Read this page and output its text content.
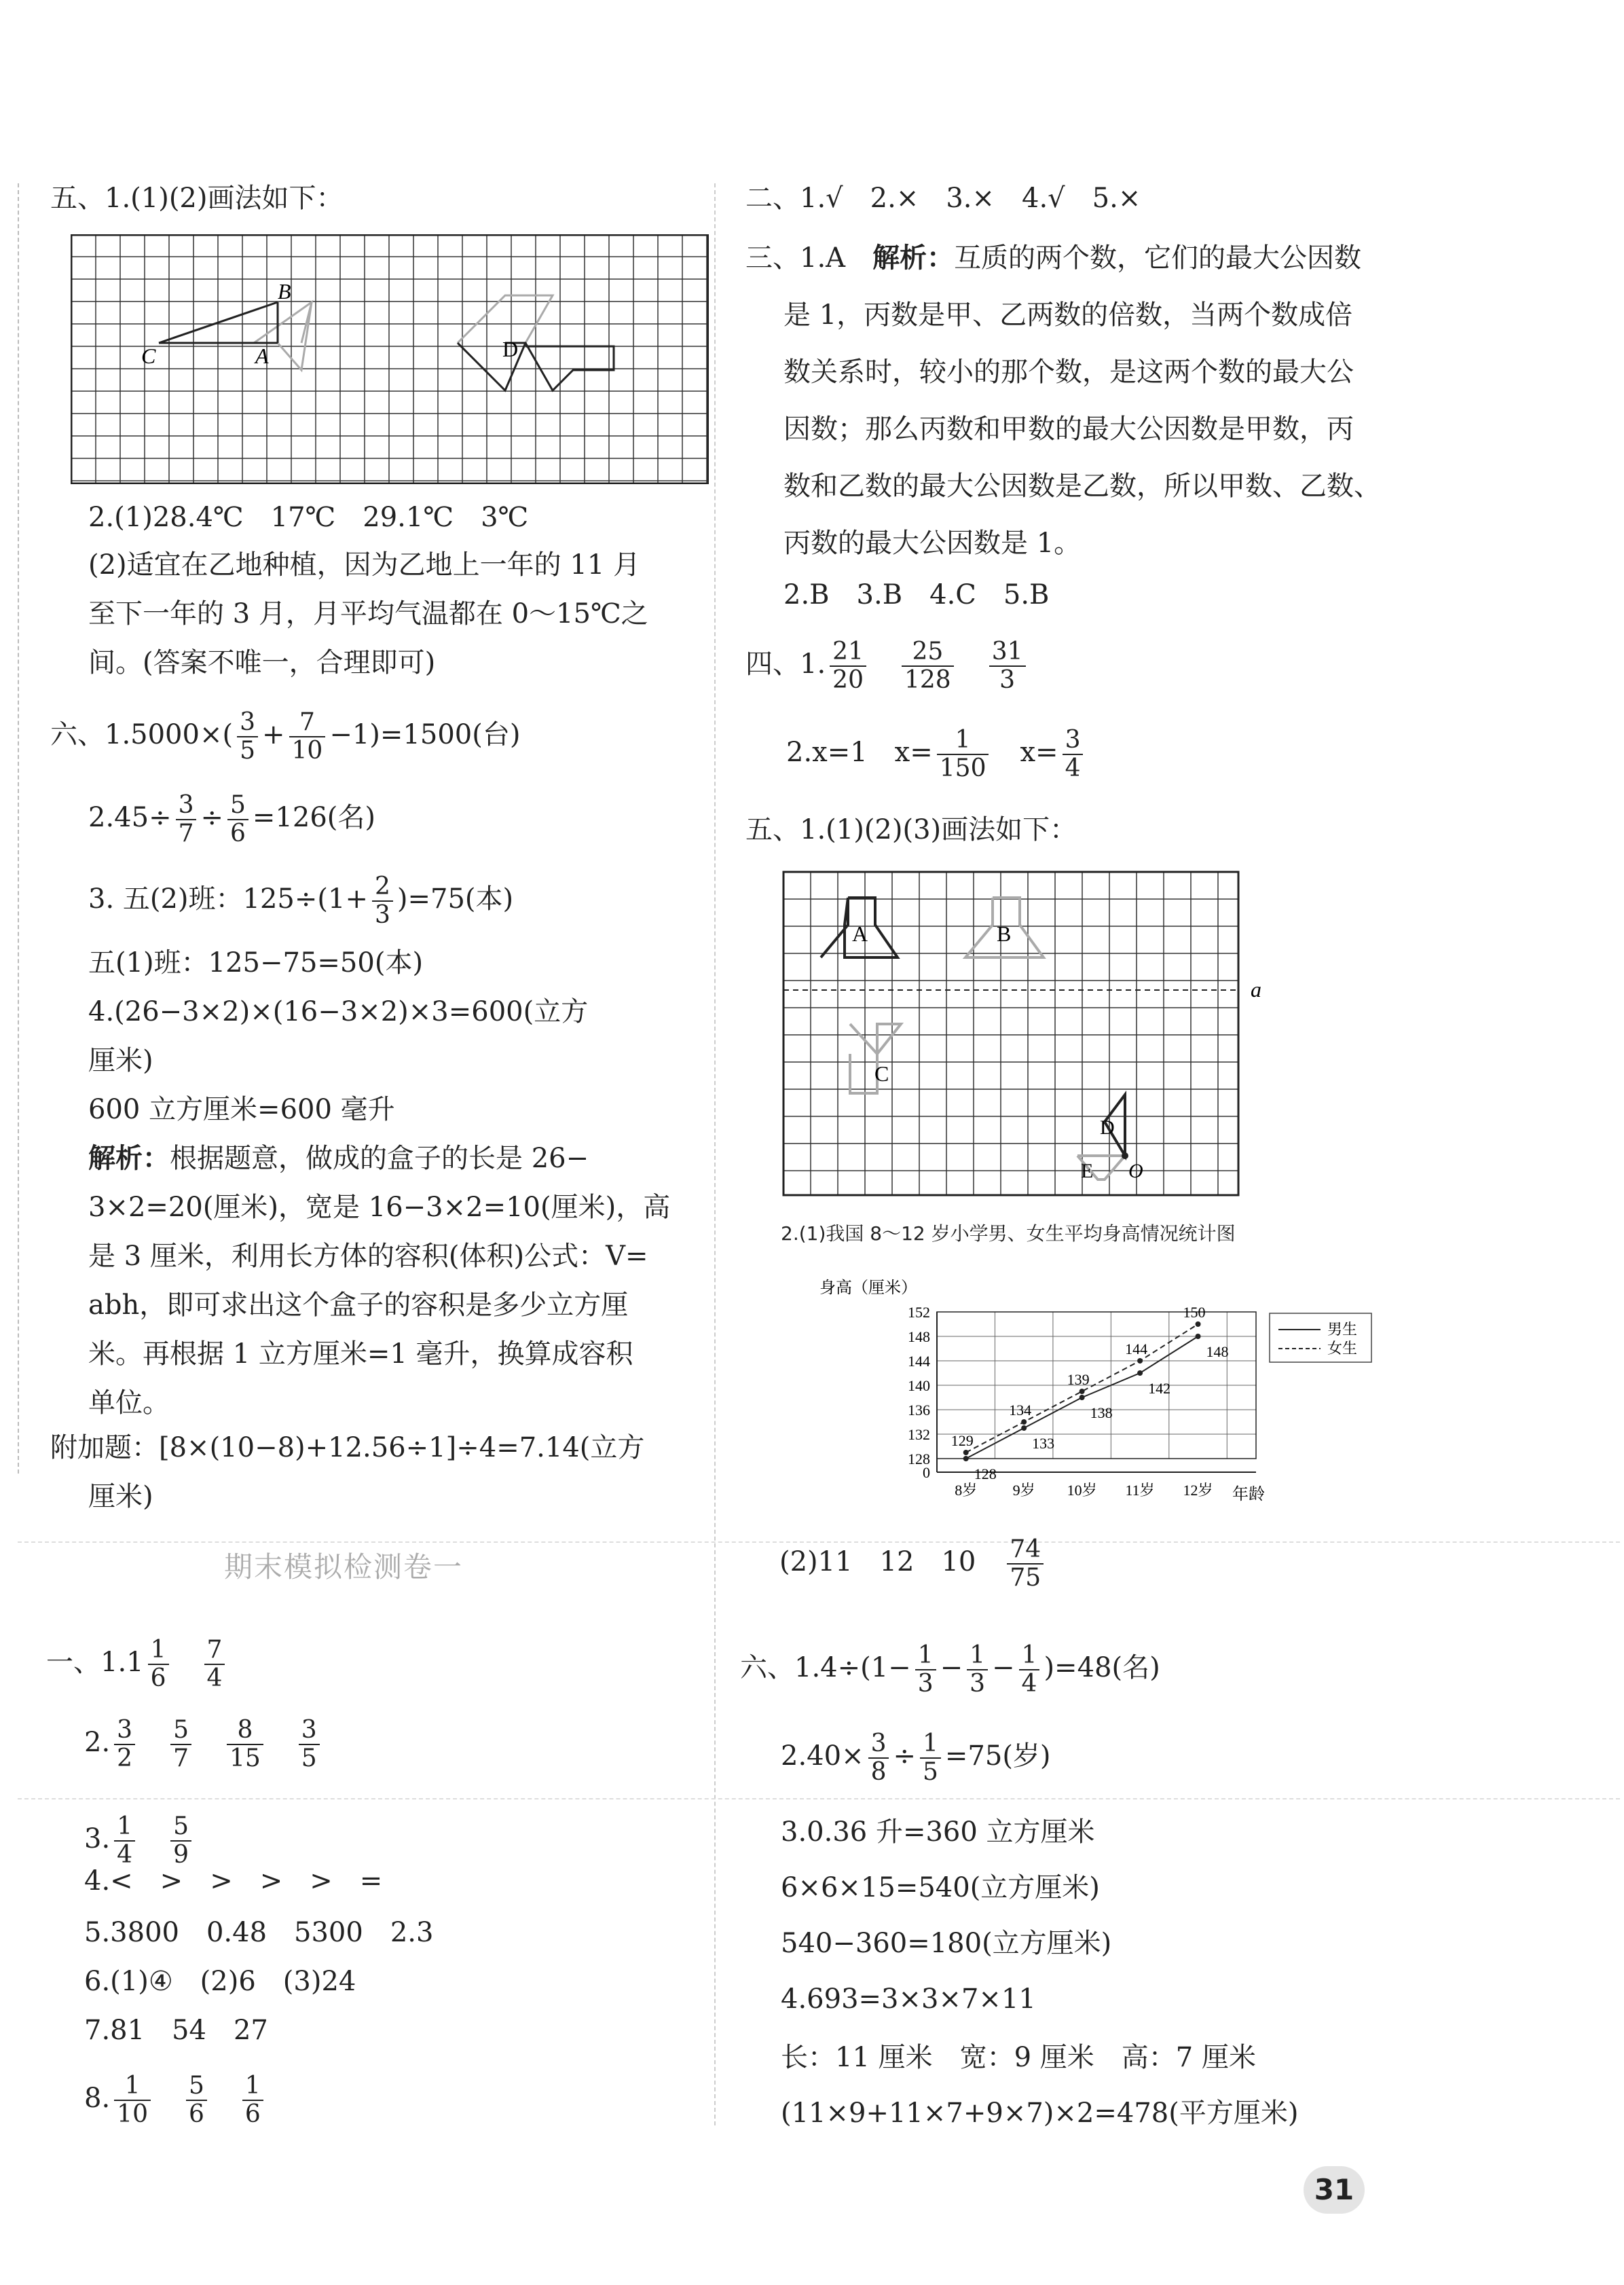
五、1.(1)(2)画法如下：
B
A
C	D
2.(1)28.4℃　17℃　29.1℃　3℃
(2)适宜在乙地种植，因为乙地上一年的 11 月
至下一年的 3 月，月平均气温都在 0～15℃之
间。(答案不唯一，合理即可)
六、$1.5000\times( \frac{3}{5} + \frac{7}{10} -1)=1500$(台)
$2.45\div \frac{3}{7} \div \frac{5}{6} =126$(名)
3. 五(2)班：$125\div(1+ \frac{2}{3} )=75$(本)
五(1)班：125−75=50(本)
4.(26−3×2)×(16−3×2)×3=600(立方
厘米)
600 立方厘米=600 毫升
解析：根据题意，做成的盒子的长是 26−
3×2=20(厘米)，宽是 16−3×2=10(厘米)，高
是 3 厘米，利用长方体的容积(体积)公式：V=
abh，即可求出这个盒子的容积是多少立方厘
米。再根据 1 立方厘米=1 毫升，换算成容积
单位。
附加题：[8×(10−8)+12.56÷1]÷4=7.14(立方
厘米)
期末模拟检测卷一
一、$1.1 \frac{1}{6}$
　 $\frac{7}{4}$
2. $\frac{3}{2}$
　 $\frac{5}{7}$
　 $\frac{8}{15}$
　 $\frac{3}{5}$
3. $\frac{1}{4}$
　 $\frac{5}{9}$
4.<　>　>　>　>　=
5.3800　0.48　5300　2.3
6.(1)④　(2)6　(3)24
7.81　54　27
8. $\frac{1}{10}$
　 $\frac{5}{6}$
　 $\frac{1}{6}$
二、1.√　2.×　3.×　4.√　5.×
三、1.A　解析：互质的两个数，它们的最大公因数
是 1，丙数是甲、乙两数的倍数，当两个数成倍
数关系时，较小的那个数，是这两个数的最大公
因数；那么丙数和甲数的最大公因数是甲数，丙
数和乙数的最大公因数是乙数，所以甲数、乙数、
丙数的最大公因数是 1。
2.B　3.B　4.C　5.B
四、1. $\frac{21}{20}$
　 $\frac{25}{128}$
　 $\frac{31}{3}$
2.x=1　$x= \frac{1}{150}$ 　$x= \frac{3}{4}$
五、1.(1)(2)(3)画法如下：
a
A	B
C
D
E O
2.(1)我国 8～12 岁小学男、女生平均身高情况统计图
身高（厘米）
0
128
132
136
140
144
148
152
8岁 9岁 10岁 11岁 12岁
128
133
138
142
148
129
134
139
144
150
年龄
男生
女生
(2)11　12　10　 $\frac{74}{75}$
六、$1.4\div(1- \frac{1}{3} - \frac{1}{3} - \frac{1}{4} )=48$(名)
$2.40\times \frac{3}{8} \div \frac{1}{5} =75$(岁)
3.0.36 升=360 立方厘米
6×6×15=540(立方厘米)
540−360=180(立方厘米)
4.693=3×3×7×11
长：11 厘米　宽：9 厘米　高：7 厘米
(11×9+11×7+9×7)×2=478(平方厘米)
31
